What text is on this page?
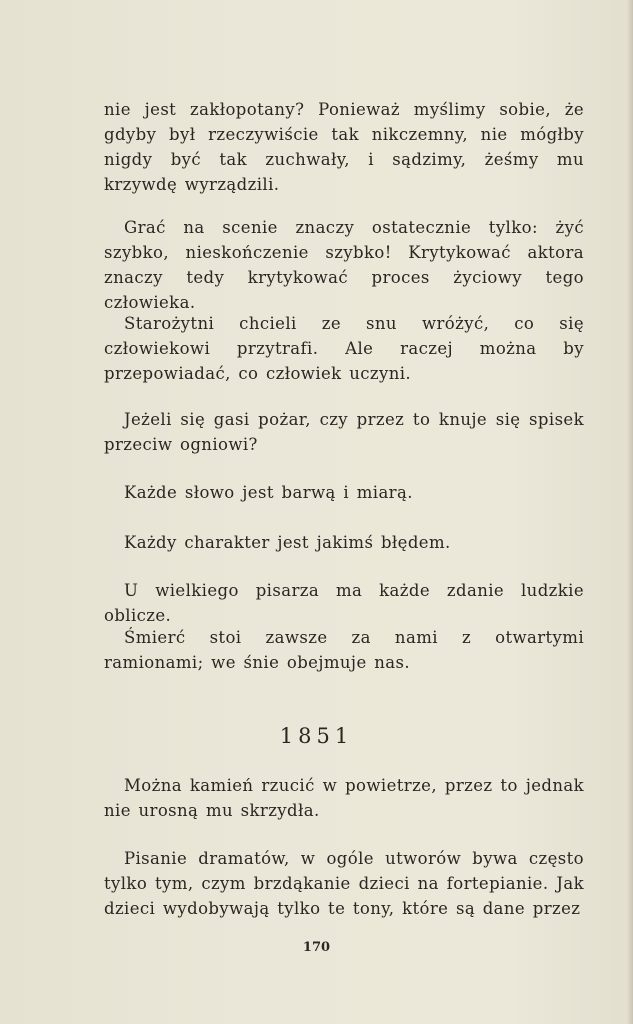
nie jest zakłopotany? Ponieważ myślimy sobie, że gdyby był rzeczywiście tak nikczemny, nie mógłby nigdy być tak zuchwały, i sądzimy, żeśmy mu krzywdę wyrządzili.

Grać na scenie znaczy ostatecznie tylko: żyć szybko, nieskończenie szybko! Krytykować aktora znaczy tedy krytykować proces życiowy tego człowieka.

Starożytni chcieli ze snu wróżyć, co się człowiekowi przytrafi. Ale raczej można by przepowiadać, co człowiek uczyni.

Jeżeli się gasi pożar, czy przez to knuje się spisek przeciw ogniowi?

Każde słowo jest barwą i miarą.

Każdy charakter jest jakimś błędem.

U wielkiego pisarza ma każde zdanie ludzkie oblicze.

Śmierć stoi zawsze za nami z otwartymi ramionami; we śnie obejmuje nas.

1851

Można kamień rzucić w powietrze, przez to jednak nie urosną mu skrzydła.

Pisanie dramatów, w ogóle utworów bywa często tylko tym, czym brzdąkanie dzieci na fortepianie. Jak dzieci wydobywają tylko te tony, które są dane przez

170
